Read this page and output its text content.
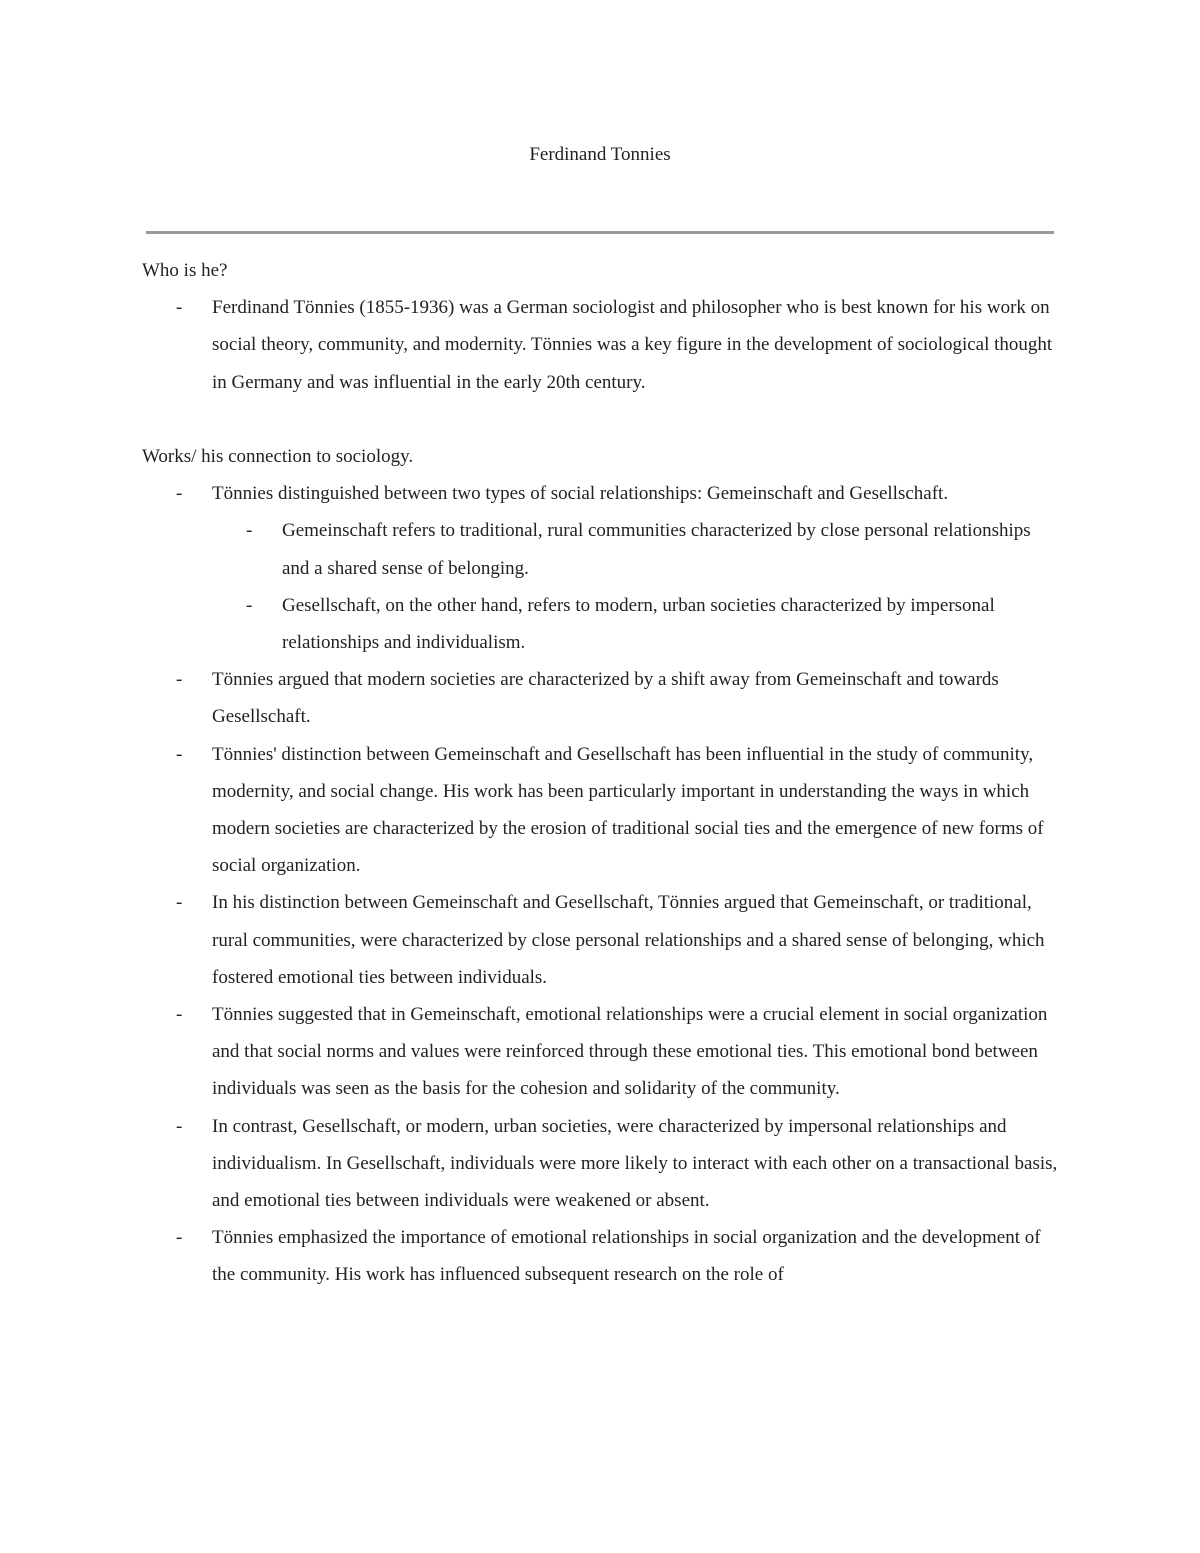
Ferdinand Tonnies

Who is he?

- Ferdinand Tönnies (1855-1936) was a German sociologist and philosopher who is best known for his work on social theory, community, and modernity. Tönnies was a key figure in the development of sociological thought in Germany and was influential in the early 20th century.

Works/ his connection to sociology.

- Tönnies distinguished between two types of social relationships: Gemeinschaft and Gesellschaft.
- Gemeinschaft refers to traditional, rural communities characterized by close personal relationships and a shared sense of belonging.
- Gesellschaft, on the other hand, refers to modern, urban societies characterized by impersonal relationships and individualism.
- Tönnies argued that modern societies are characterized by a shift away from Gemeinschaft and towards Gesellschaft.
- Tönnies' distinction between Gemeinschaft and Gesellschaft has been influential in the study of community, modernity, and social change. His work has been particularly important in understanding the ways in which modern societies are characterized by the erosion of traditional social ties and the emergence of new forms of social organization.
- In his distinction between Gemeinschaft and Gesellschaft, Tönnies argued that Gemeinschaft, or traditional, rural communities, were characterized by close personal relationships and a shared sense of belonging, which fostered emotional ties between individuals.
- Tönnies suggested that in Gemeinschaft, emotional relationships were a crucial element in social organization and that social norms and values were reinforced through these emotional ties. This emotional bond between individuals was seen as the basis for the cohesion and solidarity of the community.
- In contrast, Gesellschaft, or modern, urban societies, were characterized by impersonal relationships and individualism. In Gesellschaft, individuals were more likely to interact with each other on a transactional basis, and emotional ties between individuals were weakened or absent.
- Tönnies emphasized the importance of emotional relationships in social organization and the development of the community. His work has influenced subsequent research on the role of
